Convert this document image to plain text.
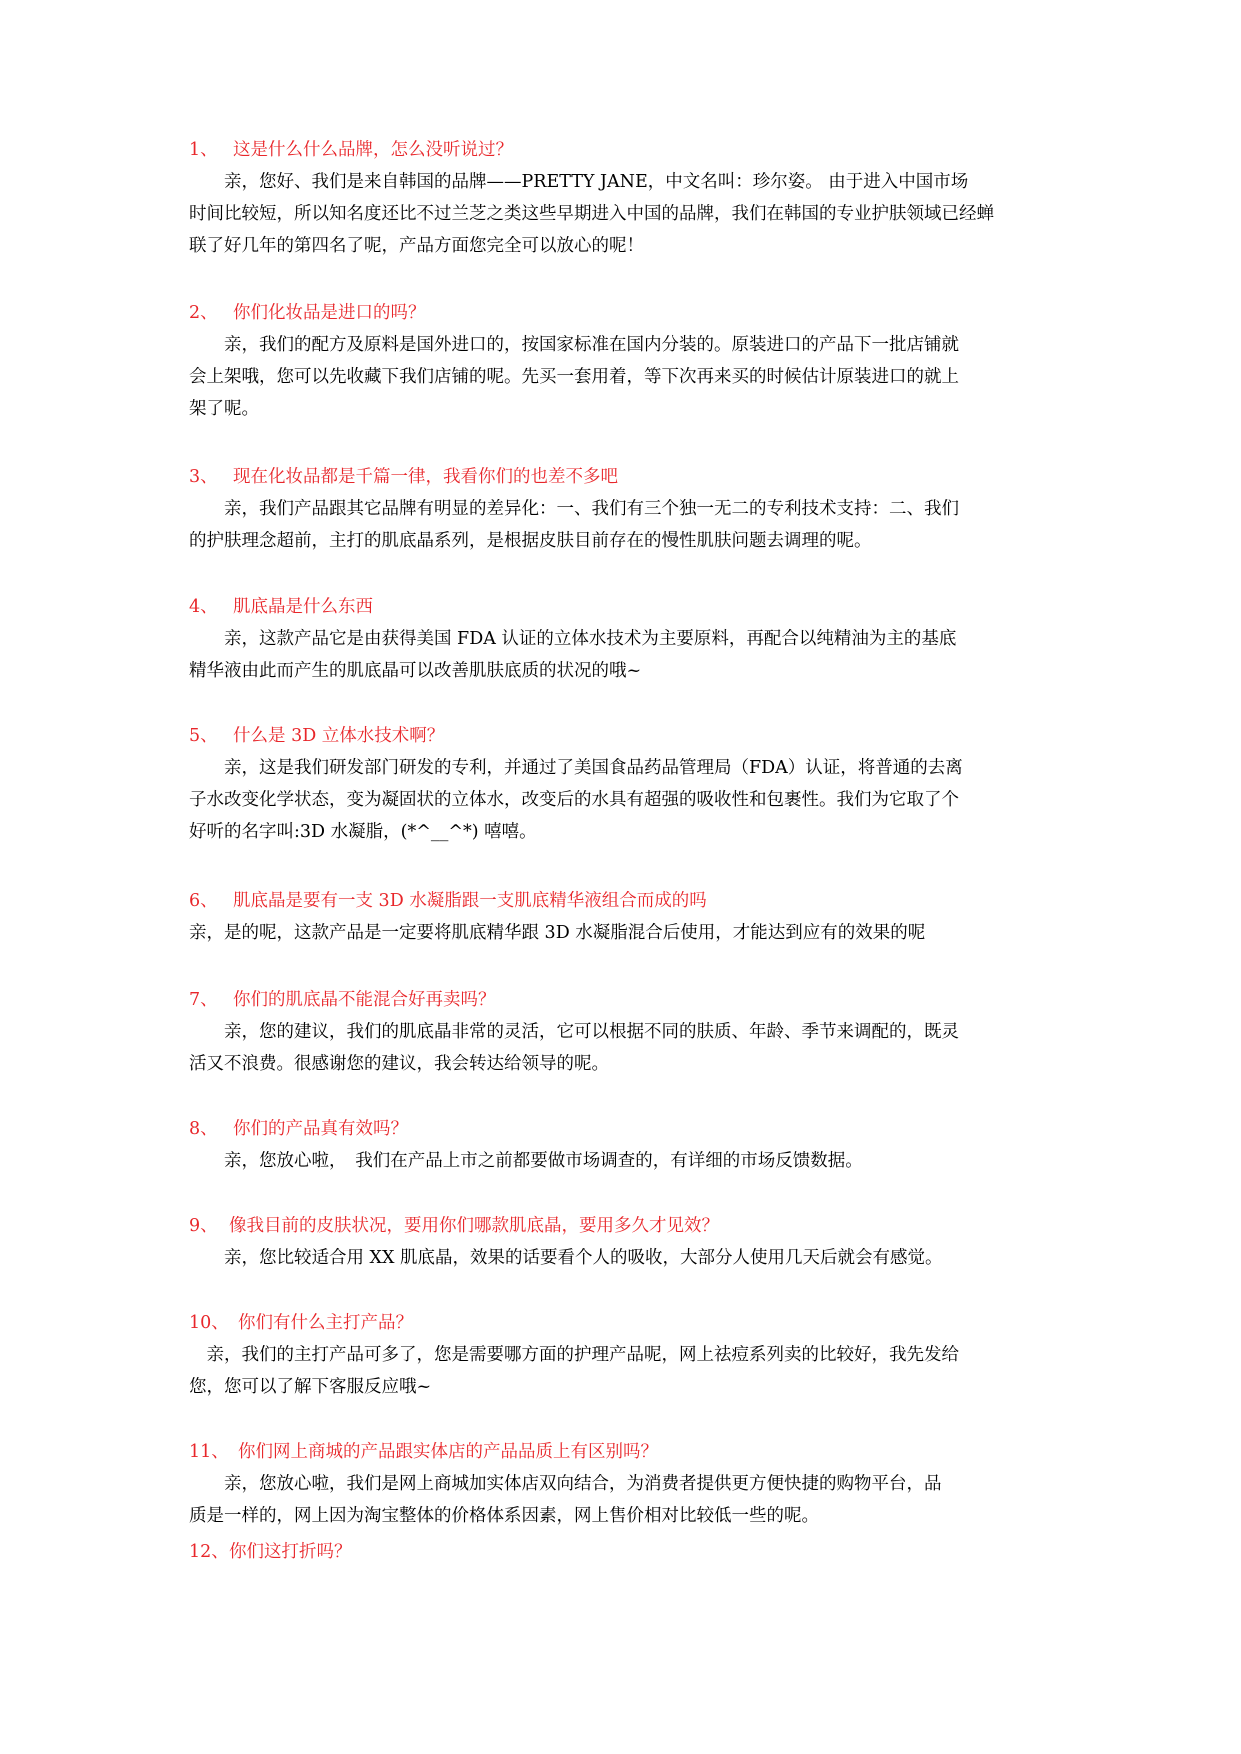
1、 这是什么什么品牌，怎么没听说过？

　　亲，您好、我们是来自韩国的品牌——PRETTY JANE，中文名叫：珍尔姿。 由于进入中国市场
时间比较短，所以知名度还比不过兰芝之类这些早期进入中国的品牌，我们在韩国的专业护肤领域已经蝉
联了好几年的第四名了呢，产品方面您完全可以放心的呢！

2、 你们化妆品是进口的吗？

　　亲，我们的配方及原料是国外进口的，按国家标准在国内分装的。原装进口的产品下一批店铺就
会上架哦，您可以先收藏下我们店铺的呢。先买一套用着，等下次再来买的时候估计原装进口的就上
架了呢。

3、 现在化妆品都是千篇一律，我看你们的也差不多吧

　　亲，我们产品跟其它品牌有明显的差异化：一、我们有三个独一无二的专利技术支持：二、我们
的护肤理念超前，主打的肌底晶系列，是根据皮肤目前存在的慢性肌肤问题去调理的呢。

4、 肌底晶是什么东西

　　亲，这款产品它是由获得美国 FDA 认证的立体水技术为主要原料，再配合以纯精油为主的基底
精华液由此而产生的肌底晶可以改善肌肤底质的状况的哦~

5、 什么是 3D 立体水技术啊？

　　亲，这是我们研发部门研发的专利，并通过了美国食品药品管理局（FDA）认证，将普通的去离
子水改变化学状态，变为凝固状的立体水，改变后的水具有超强的吸收性和包裹性。我们为它取了个
好听的名字叫:3D 水凝脂，(*^__^*) 嘻嘻。

6、 肌底晶是要有一支 3D 水凝脂跟一支肌底精华液组合而成的吗

亲，是的呢，这款产品是一定要将肌底精华跟 3D 水凝脂混合后使用，才能达到应有的效果的呢

7、 你们的肌底晶不能混合好再卖吗？

　　亲，您的建议，我们的肌底晶非常的灵活，它可以根据不同的肤质、年龄、季节来调配的，既灵
活又不浪费。很感谢您的建议，我会转达给领导的呢。

8、 你们的产品真有效吗？

　　亲，您放心啦，　我们在产品上市之前都要做市场调查的，有详细的市场反馈数据。

9、 像我目前的皮肤状况，要用你们哪款肌底晶，要用多久才见效？

　　亲，您比较适合用 XX 肌底晶，效果的话要看个人的吸收，大部分人使用几天后就会有感觉。

10、 你们有什么主打产品？

　亲，我们的主打产品可多了，您是需要哪方面的护理产品呢，网上祛痘系列卖的比较好，我先发给
您，您可以了解下客服反应哦~

11、 你们网上商城的产品跟实体店的产品品质上有区别吗？

　　亲，您放心啦，我们是网上商城加实体店双向结合，为消费者提供更方便快捷的购物平台，品
质是一样的，网上因为淘宝整体的价格体系因素，网上售价相对比较低一些的呢。

12、你们这打折吗？
